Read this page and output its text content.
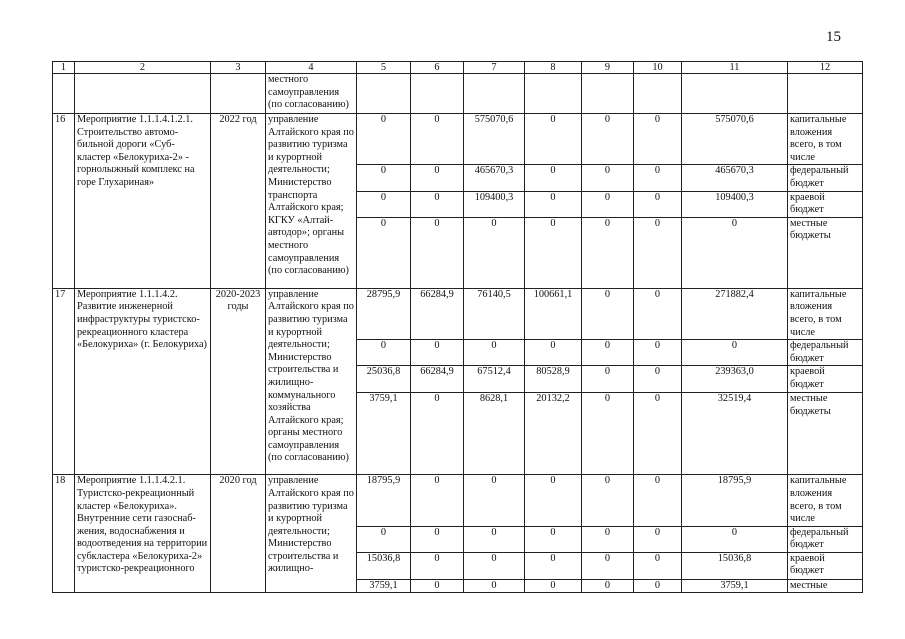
15
1	2	3	4	5	6	7	8	9	10	11	12
			местного самоуправления (по согласованию)								
16	Мероприятие 1.1.1.4.1.2.1. Строительство автомо-бильной дороги «Суб-кластер «Белокуриха-2» - горнолыжный комплекс на горе Глухариная»	2022 год	управление Алтайского края по развитию туризма и курортной деятельности; Министерство транспорта Алтайского края; КГКУ «Алтай-автодор»; органы местного самоуправления (по согласованию)	0	0	575070,6	0	0	0	575070,6	капитальные вложения всего, в том числе
				0	0	465670,3	0	0	0	465670,3	федеральный бюджет
				0	0	109400,3	0	0	0	109400,3	краевой бюджет
				0	0	0	0	0	0	0	местные бюджеты
17	Мероприятие 1.1.1.4.2. Развитие инженерной инфраструктуры туристско-рекреационного кластера «Белокуриха» (г. Белокуриха)	2020-2023 годы	управление Алтайского края по развитию туризма и курортной деятельности; Министерство строительства и жилищно-коммунального хозяйства Алтайского края; органы местного самоуправления (по согласованию)	28795,9	66284,9	76140,5	100661,1	0	0	271882,4	капитальные вложения всего, в том числе
				0	0	0	0	0	0	0	федеральный бюджет
				25036,8	66284,9	67512,4	80528,9	0	0	239363,0	краевой бюджет
				3759,1	0	8628,1	20132,2	0	0	32519,4	местные бюджеты
18	Мероприятие 1.1.1.4.2.1. Туристско-рекреационный кластер «Белокуриха». Внутренние сети газоснаб-жения, водоснабжения и водоотведения на территории субкластера «Белокуриха-2» туристско-рекреационного	2020 год	управление Алтайского края по развитию туризма и курортной деятельности; Министерство строительства и жилищно-	18795,9	0	0	0	0	0	18795,9	капитальные вложения всего, в том числе
				0	0	0	0	0	0	0	федеральный бюджет
				15036,8	0	0	0	0	0	15036,8	краевой бюджет
				3759,1	0	0	0	0	0	3759,1	местные
